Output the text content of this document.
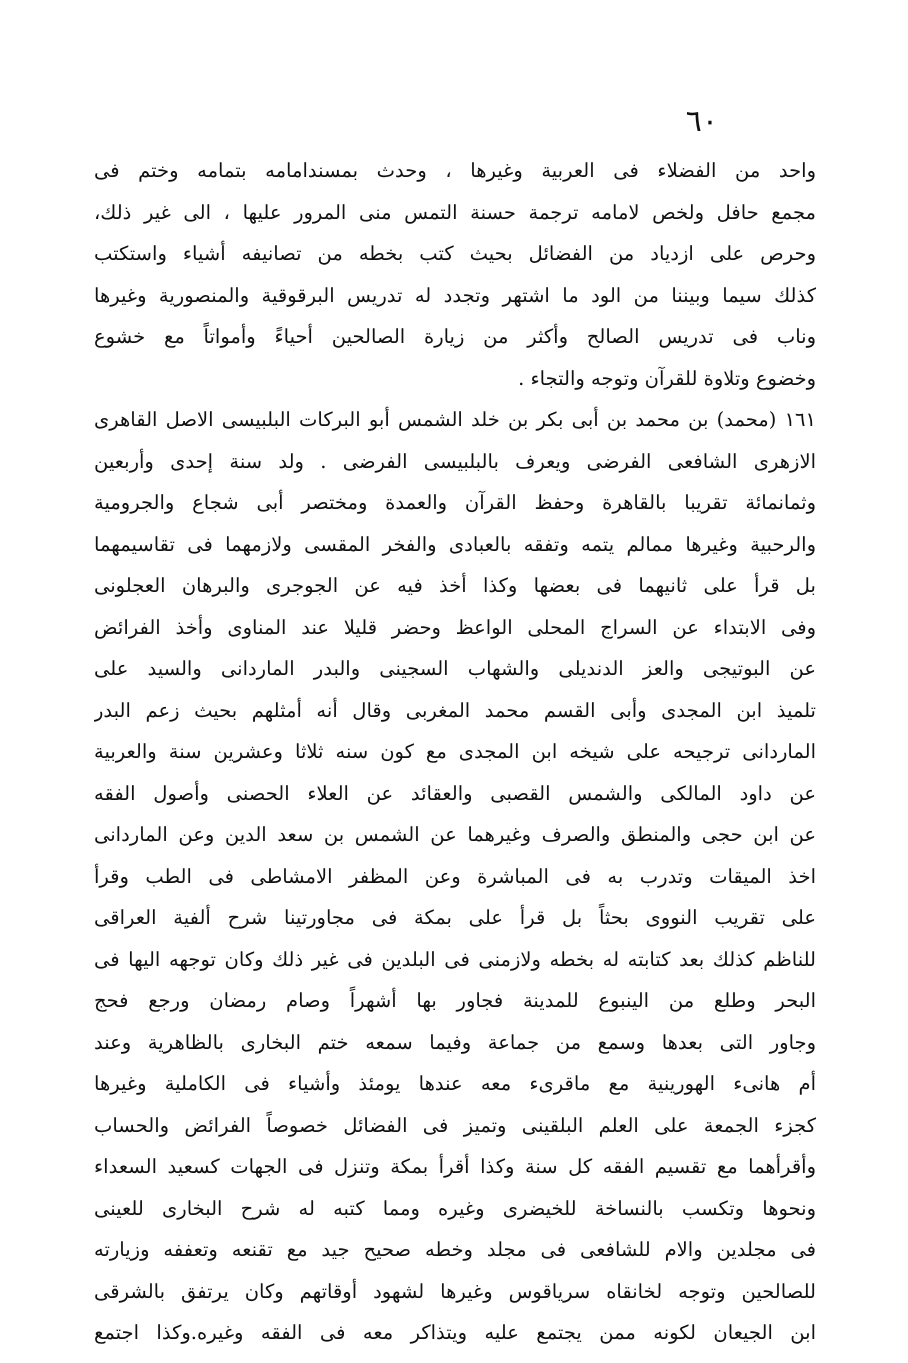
٦٠

واحد من الفضلاء فى العربية وغيرها ، وحدث بمسندامامه بتمامه وختم فى
مجمع حافل ولخص لامامه ترجمة حسنة التمس منى المرور عليها ، الى غير ذلك،
وحرص على ازدياد من الفضائل بحيث كتب بخطه من تصانيفه أشياء واستكتب
كذلك سيما وبيننا من الود ما اشتهر وتجدد له تدريس البرقوقية والمنصورية وغيرها
وناب فى تدريس الصالح وأكثر من زيارة الصالحين أحياءً وأمواتاً مع خشوع
وخضوع وتلاوة للقرآن وتوجه والتجاء .
١٦١ (محمد) بن محمد بن أبى بكر بن خلد الشمس أبو البركات البلبيسى الاصل القاهرى
الازهرى الشافعى الفرضى ويعرف بالبلبيسى الفرضى . ولد سنة إحدى وأربعين
وثمانمائة تقريبا بالقاهرة وحفظ القرآن والعمدة ومختصر أبى شجاع والجرومية
والرحبية وغيرها ممالم يتمه وتفقه بالعبادى والفخر المقسى ولازمهما فى تقاسيمهما
بل قرأ على ثانيهما فى بعضها وكذا أخذ فيه عن الجوجرى والبرهان العجلونى
وفى الابتداء عن السراج المحلى الواعظ وحضر قليلا عند المناوى وأخذ الفرائض
عن البوتيجى والعز الدنديلى والشهاب السجينى والبدر الماردانى والسيد على
تلميذ ابن المجدى وأبى القسم محمد المغربى وقال أنه أمثلهم بحيث زعم البدر
الماردانى ترجيحه على شيخه ابن المجدى مع كون سنه ثلاثا وعشرين سنة والعربية
عن داود المالكى والشمس القصبى والعقائد عن العلاء الحصنى وأصول الفقه
عن ابن حجى والمنطق والصرف وغيرهما عن الشمس بن سعد الدين وعن الماردانى
اخذ الميقات وتدرب به فى المباشرة وعن المظفر الامشاطى فى الطب وقرأ
على تقريب النووى بحثاً بل قرأ على بمكة فى مجاورتينا شرح ألفية العراقى
للناظم كذلك بعد كتابته له بخطه ولازمنى فى البلدين فى غير ذلك وكان توجهه اليها فى
البحر وطلع من الينبوع للمدينة فجاور بها أشهراً وصام رمضان ورجع فحج
وجاور التى بعدها وسمع من جماعة وفيما سمعه ختم البخارى بالظاهرية وعند
أم هانىء الهورينية مع ماقرىء معه عندها يومئذ وأشياء فى الكاملية وغيرها
كجزء الجمعة على العلم البلقينى وتميز فى الفضائل خصوصاً الفرائض والحساب
وأقرأهما مع تقسيم الفقه كل سنة وكذا أقرأ بمكة وتنزل فى الجهات كسعيد السعداء
ونحوها وتكسب بالنساخة للخيضرى وغيره ومما كتبه له شرح البخارى للعينى
فى مجلدين والام للشافعى فى مجلد وخطه صحيح جيد مع تقنعه وتعففه وزيارته
للصالحين وتوجه لخانقاه سرياقوس وغيرها لشهود أوقاتهم وكان يرتفق بالشرقى
ابن الجيعان لكونه ممن يجتمع عليه ويتذاكر معه فى الفقه وغيره.وكذا اجتمع
